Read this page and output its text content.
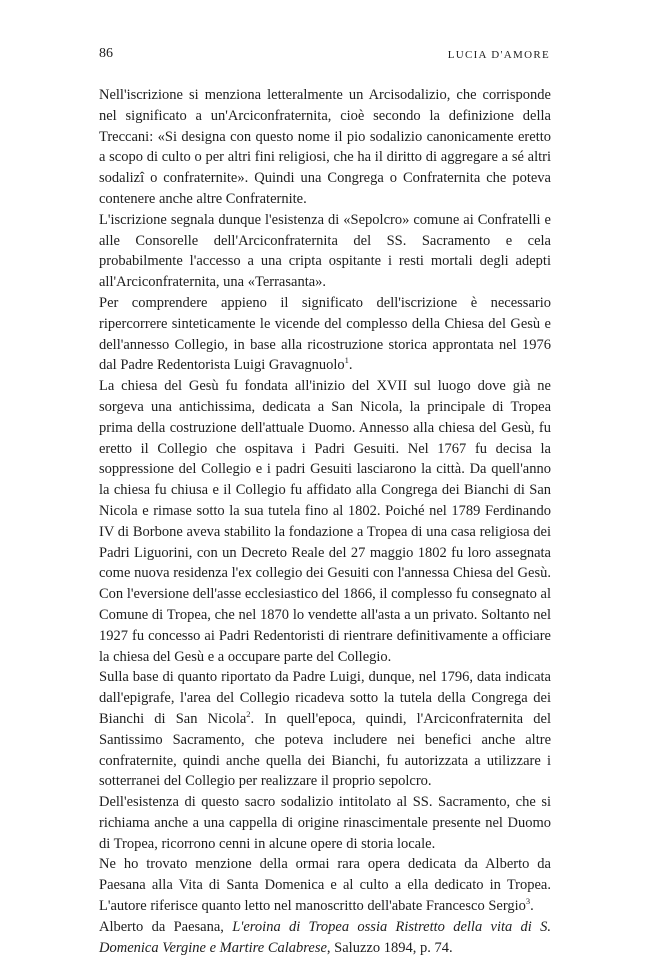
86	LUCIA D'AMORE

Nell'iscrizione si menziona letteralmente un Arcisodalizio, che corrisponde nel significato a un'Arciconfraternita, cioè secondo la definizione della Treccani: «Si designa con questo nome il pio sodalizio canonicamente eretto a scopo di culto o per altri fini religiosi, che ha il diritto di aggregare a sé altri sodalizî o confraternite». Quindi una Congrega o Confraternita che poteva contenere anche altre Confraternite.

L'iscrizione segnala dunque l'esistenza di «Sepolcro» comune ai Confratelli e alle Consorelle dell'Arciconfraternita del SS. Sacramento e cela probabilmente l'accesso a una cripta ospitante i resti mortali degli adepti all'Arciconfraternita, una «Terrasanta».

Per comprendere appieno il significato dell'iscrizione è necessario ripercorrere sinteticamente le vicende del complesso della Chiesa del Gesù e dell'annesso Collegio, in base alla ricostruzione storica approntata nel 1976 dal Padre Redentorista Luigi Gravagnuolo$^1$.

La chiesa del Gesù fu fondata all'inizio del XVII sul luogo dove già ne sorgeva una antichissima, dedicata a San Nicola, la principale di Tropea prima della costruzione dell'attuale Duomo. Annesso alla chiesa del Gesù, fu eretto il Collegio che ospitava i Padri Gesuiti. Nel 1767 fu decisa la soppressione del Collegio e i padri Gesuiti lasciarono la città. Da quell'anno la chiesa fu chiusa e il Collegio fu affidato alla Congrega dei Bianchi di San Nicola e rimase sotto la sua tutela fino al 1802. Poiché nel 1789 Ferdinando IV di Borbone aveva stabilito la fondazione a Tropea di una casa religiosa dei Padri Liguorini, con un Decreto Reale del 27 maggio 1802 fu loro assegnata come nuova residenza l'ex collegio dei Gesuiti con l'annessa Chiesa del Gesù. Con l'eversione dell'asse ecclesiastico del 1866, il complesso fu consegnato al Comune di Tropea, che nel 1870 lo vendette all'asta a un privato. Soltanto nel 1927 fu concesso ai Padri Redentoristi di rientrare definitivamente a officiare la chiesa del Gesù e a occupare parte del Collegio.

Sulla base di quanto riportato da Padre Luigi, dunque, nel 1796, data indicata dall'epigrafe, l'area del Collegio ricadeva sotto la tutela della Congrega dei Bianchi di San Nicola$^2$. In quell'epoca, quindi, l'Arciconfraternita del Santissimo Sacramento, che poteva includere nei benefici anche altre confraternite, quindi anche quella dei Bianchi, fu autorizzata a utilizzare i sotterranei del Collegio per realizzare il proprio sepolcro.

Dell'esistenza di questo sacro sodalizio intitolato al SS. Sacramento, che si richiama anche a una cappella di origine rinascimentale presente nel Duomo di Tropea, ricorrono cenni in alcune opere di storia locale.

Ne ho trovato menzione della ormai rara opera dedicata da Alberto da Paesana alla Vita di Santa Domenica e al culto a ella dedicato in Tropea. L'autore riferisce quanto letto nel manoscritto dell'abate Francesco Sergio$^3$.

Alberto da Paesana, L'eroina di Tropea ossia Ristretto della vita di S. Domenica Vergine e Martire Calabrese, Saluzzo 1894, p. 74.
